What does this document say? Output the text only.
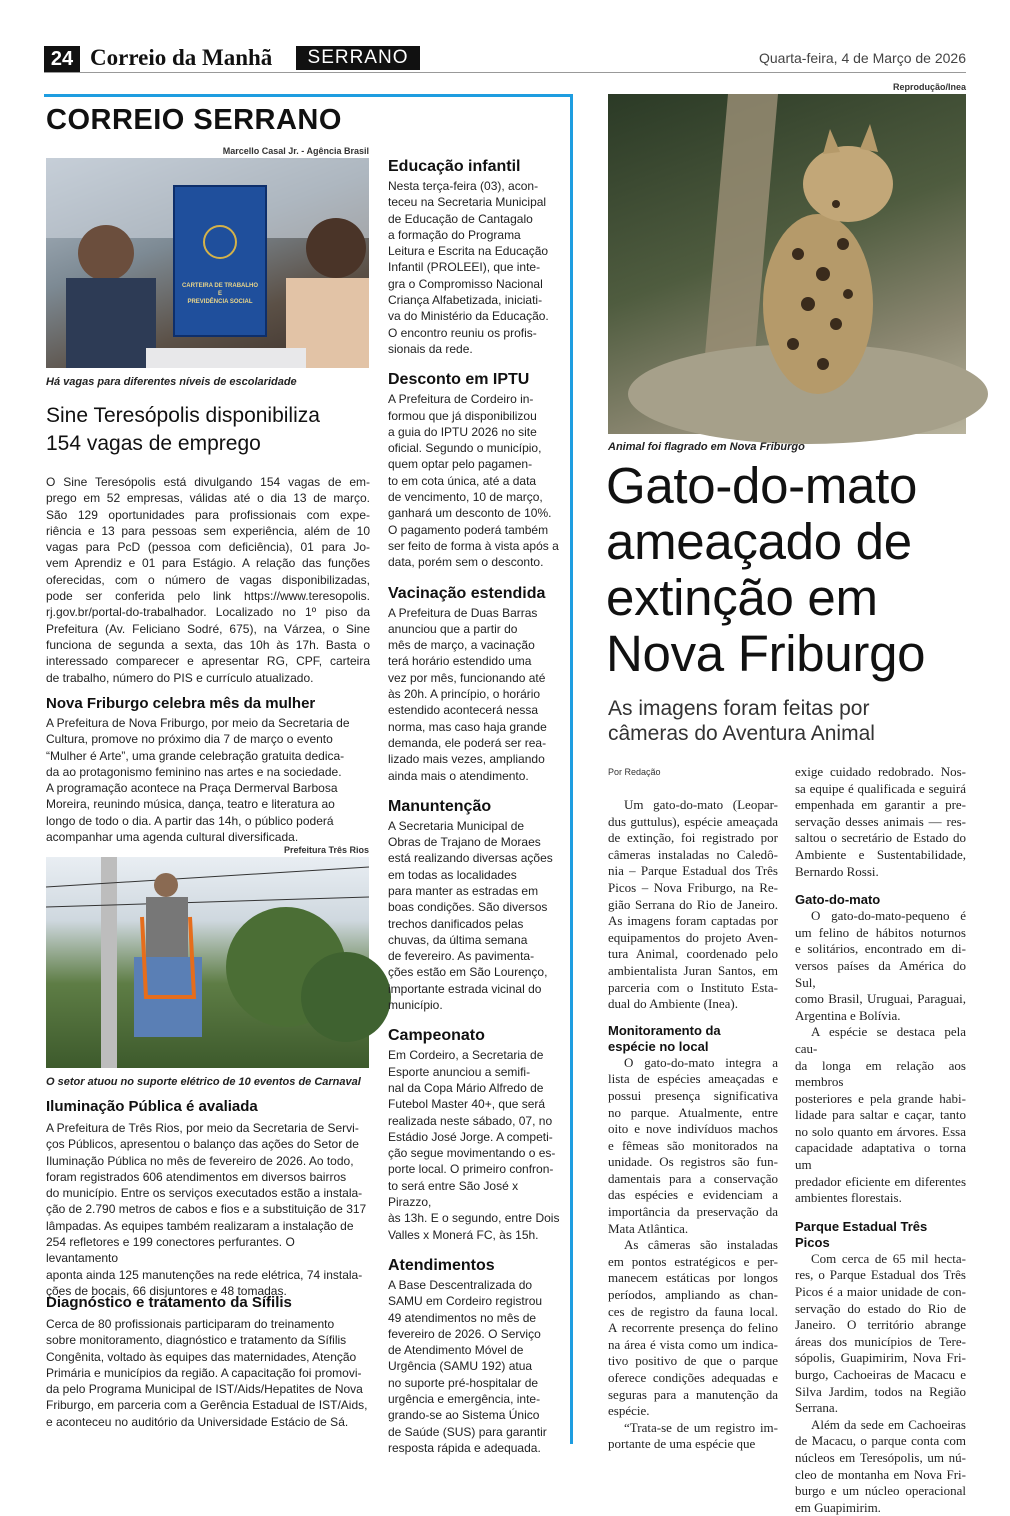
24 Correio da Manhã	SERRANO	Quarta-feira, 4 de Março de 2026
CORREIO SERRANO
Marcello Casal Jr. - Agência Brasil
CARTEIRA DE TRABALHO
E
PREVIDÊNCIA SOCIAL
Há vagas para diferentes níveis de escolaridade
Sine Teresópolis disponibiliza
154 vagas de emprego
O Sine Teresópolis está divulgando 154 vagas de em-
prego em 52 empresas, válidas até o dia 13 de março.
São 129 oportunidades para profissionais com expe-
riência e 13 para pessoas sem experiência, além de 10
vagas para PcD (pessoa com deficiência), 01 para Jo-
vem Aprendiz e 01 para Estágio. A relação das funções
oferecidas, com o número de vagas disponibilizadas,
pode ser conferida pelo link https://www.teresopolis.
rj.gov.br/portal-do-trabalhador. Localizado no 1º piso da
Prefeitura (Av. Feliciano Sodré, 675), na Várzea, o Sine
funciona de segunda a sexta, das 10h às 17h. Basta o
interessado comparecer e apresentar RG, CPF, carteira
de trabalho, número do PIS e currículo atualizado.
Nova Friburgo celebra mês da mulher
A Prefeitura de Nova Friburgo, por meio da Secretaria de
Cultura, promove no próximo dia 7 de março o evento
“Mulher é Arte”, uma grande celebração gratuita dedica-
da ao protagonismo feminino nas artes e na sociedade.
A programação acontece na Praça Dermerval Barbosa
Moreira, reunindo música, dança, teatro e literatura ao
longo de todo o dia. A partir das 14h, o público poderá
acompanhar uma agenda cultural diversificada.
Prefeitura Três Rios
O setor atuou no suporte elétrico de 10 eventos de Carnaval
Iluminação Pública é avaliada
A Prefeitura de Três Rios, por meio da Secretaria de Servi-
ços Públicos, apresentou o balanço das ações do Setor de
Iluminação Pública no mês de fevereiro de 2026. Ao todo,
foram registrados 606 atendimentos em diversos bairros
do município. Entre os serviços executados estão a instala-
ção de 2.790 metros de cabos e fios e a substituição de 317
lâmpadas. As equipes também realizaram a instalação de
254 refletores e 199 conectores perfurantes. O levantamento
aponta ainda 125 manutenções na rede elétrica, 74 instala-
ções de bocais, 66 disjuntores e 48 tomadas.
Diagnóstico e tratamento da Sífilis
Cerca de 80 profissionais participaram do treinamento
sobre monitoramento, diagnóstico e tratamento da Sífilis
Congênita, voltado às equipes das maternidades, Atenção
Primária e municípios da região. A capacitação foi promovi-
da pelo Programa Municipal de IST/Aids/Hepatites de Nova
Friburgo, em parceria com a Gerência Estadual de IST/Aids,
e aconteceu no auditório da Universidade Estácio de Sá.
Educação infantil
Nesta terça-feira (03), acon-
teceu na Secretaria Municipal
de Educação de Cantagalo
a formação do Programa
Leitura e Escrita na Educação
Infantil (PROLEEI), que inte-
gra o Compromisso Nacional
Criança Alfabetizada, iniciati-
va do Ministério da Educação.
O encontro reuniu os profis-
sionais da rede.
Desconto em IPTU
A Prefeitura de Cordeiro in-
formou que já disponibilizou
a guia do IPTU 2026 no site
oficial. Segundo o município,
quem optar pelo pagamen-
to em cota única, até a data
de vencimento, 10 de março,
ganhará um desconto de 10%.
O pagamento poderá também
ser feito de forma à vista após a
data, porém sem o desconto.
Vacinação estendida
A Prefeitura de Duas Barras
anunciou que a partir do
mês de março, a vacinação
terá horário estendido uma
vez por mês, funcionando até
às 20h. A princípio, o horário
estendido acontecerá nessa
norma, mas caso haja grande
demanda, ele poderá ser rea-
lizado mais vezes, ampliando
ainda mais o atendimento.
Manuntenção
A Secretaria Municipal de
Obras de Trajano de Moraes
está realizando diversas ações
em todas as localidades
para manter as estradas em
boas condições. São diversos
trechos danificados pelas
chuvas, da última semana
de fevereiro. As pavimenta-
ções estão em São Lourenço,
importante estrada vicinal do
município.
Campeonato
Em Cordeiro, a Secretaria de
Esporte anunciou a semifi-
nal da Copa Mário Alfredo de
Futebol Master 40+, que será
realizada neste sábado, 07, no
Estádio José Jorge. A competi-
ção segue movimentando o es-
porte local. O primeiro confron-
to será entre São José x Pirazzo,
às 13h. E o segundo, entre Dois
Valles x Monerá FC, às 15h.
Atendimentos
A Base Descentralizada do
SAMU em Cordeiro registrou
49 atendimentos no mês de
fevereiro de 2026. O Serviço
de Atendimento Móvel de
Urgência (SAMU 192) atua
no suporte pré-hospitalar de
urgência e emergência, inte-
grando-se ao Sistema Único
de Saúde (SUS) para garantir
resposta rápida e adequada.
Reprodução/Inea
Animal foi flagrado em Nova Friburgo
Gato-do-mato
ameaçado de
extinção em
Nova Friburgo
As imagens foram feitas por
câmeras do Aventura Animal
Por Redação
Um gato-do-mato (Leopar-
dus guttulus), espécie ameaçada
de extinção, foi registrado por
câmeras instaladas no Caledô-
nia – Parque Estadual dos Três
Picos – Nova Friburgo, na Re-
gião Serrana do Rio de Janeiro.
As imagens foram captadas por
equipamentos do projeto Aven-
tura Animal, coordenado pelo
ambientalista Juran Santos, em
parceria com o Instituto Esta-
dual do Ambiente (Inea).
Monitoramento da
espécie no local
O gato-do-mato integra a
lista de espécies ameaçadas e
possui presença significativa
no parque. Atualmente, entre
oito e nove indivíduos machos
e fêmeas são monitorados na
unidade. Os registros são fun-
damentais para a conservação
das espécies e evidenciam a
importância da preservação da
Mata Atlântica.
As câmeras são instaladas
em pontos estratégicos e per-
manecem estáticas por longos
períodos, ampliando as chan-
ces de registro da fauna local.
A recorrente presença do felino
na área é vista como um indica-
tivo positivo de que o parque
oferece condições adequadas e
seguras para a manutenção da
espécie.
“Trata-se de um registro im-
portante de uma espécie que
exige cuidado redobrado. Nos-
sa equipe é qualificada e seguirá
empenhada em garantir a pre-
servação desses animais — res-
saltou o secretário de Estado do
Ambiente e Sustentabilidade,
Bernardo Rossi.
Gato-do-mato
O gato-do-mato-pequeno é
um felino de hábitos noturnos
e solitários, encontrado em di-
versos países da América do Sul,
como Brasil, Uruguai, Paraguai,
Argentina e Bolívia.
A espécie se destaca pela cau-
da longa em relação aos membros
posteriores e pela grande habi-
lidade para saltar e caçar, tanto
no solo quanto em árvores. Essa
capacidade adaptativa o torna um
predador eficiente em diferentes
ambientes florestais.
Parque Estadual Três
Picos
Com cerca de 65 mil hecta-
res, o Parque Estadual dos Três
Picos é a maior unidade de con-
servação do estado do Rio de
Janeiro. O território abrange
áreas dos municípios de Tere-
sópolis, Guapimirim, Nova Fri-
burgo, Cachoeiras de Macacu e
Silva Jardim, todos na Região
Serrana.
Além da sede em Cachoeiras
de Macacu, o parque conta com
núcleos em Teresópolis, um nú-
cleo de montanha em Nova Fri-
burgo e um núcleo operacional
em Guapimirim.
